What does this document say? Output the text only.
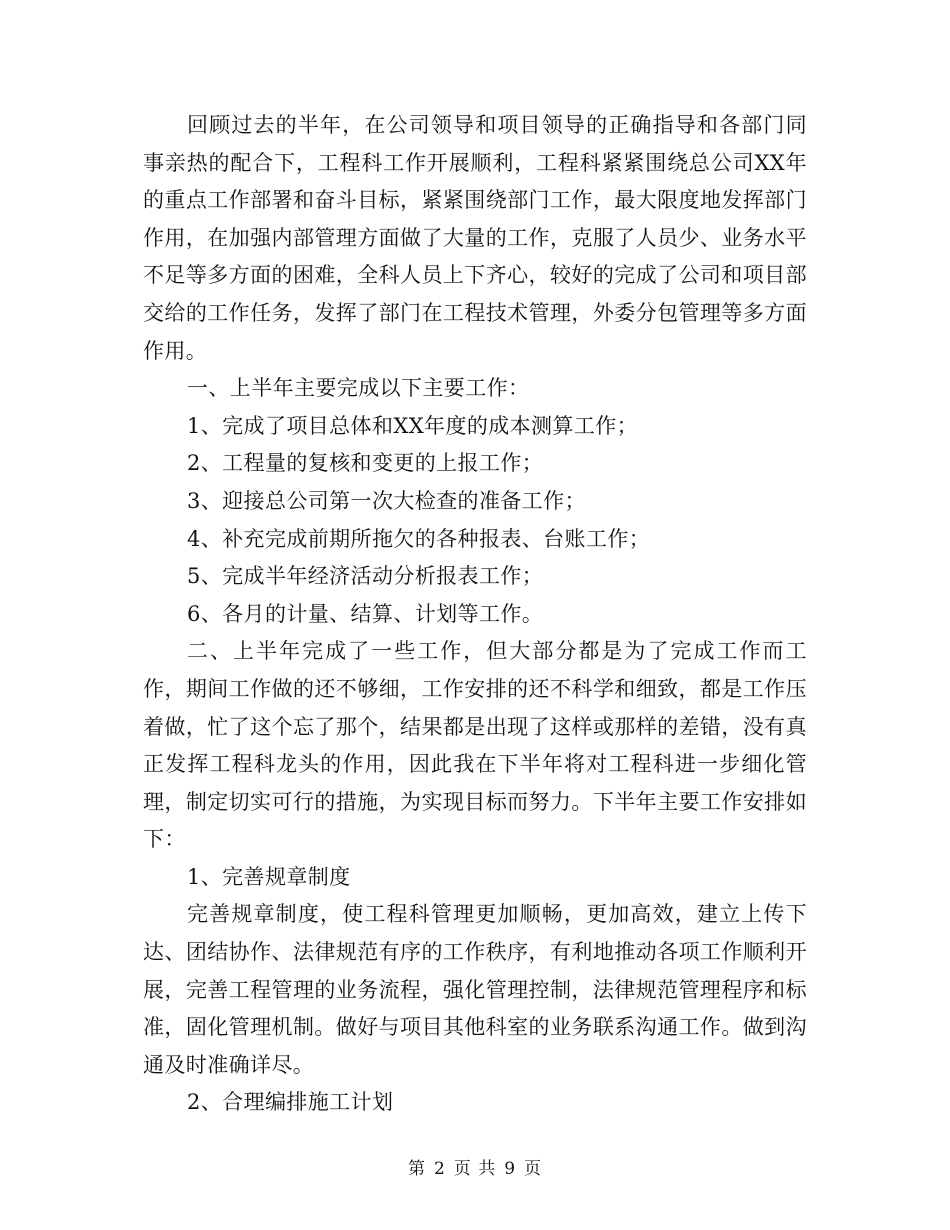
回顾过去的半年，在公司领导和项目领导的正确指导和各部门同事亲热的配合下，工程科工作开展顺利，工程科紧紧围绕总公司XX年的重点工作部署和奋斗目标，紧紧围绕部门工作，最大限度地发挥部门作用，在加强内部管理方面做了大量的工作，克服了人员少、业务水平不足等多方面的困难，全科人员上下齐心，较好的完成了公司和项目部交给的工作任务，发挥了部门在工程技术管理，外委分包管理等多方面作用。

一、上半年主要完成以下主要工作：

1、完成了项目总体和XX年度的成本测算工作；

2、工程量的复核和变更的上报工作；

3、迎接总公司第一次大检查的准备工作；

4、补充完成前期所拖欠的各种报表、台账工作；

5、完成半年经济活动分析报表工作；

6、各月的计量、结算、计划等工作。

二、上半年完成了一些工作，但大部分都是为了完成工作而工作，期间工作做的还不够细，工作安排的还不科学和细致，都是工作压着做，忙了这个忘了那个，结果都是出现了这样或那样的差错，没有真正发挥工程科龙头的作用，因此我在下半年将对工程科进一步细化管理，制定切实可行的措施，为实现目标而努力。下半年主要工作安排如下：

1、完善规章制度

完善规章制度，使工程科管理更加顺畅，更加高效，建立上传下达、团结协作、法律规范有序的工作秩序，有利地推动各项工作顺利开展，完善工程管理的业务流程，强化管理控制，法律规范管理程序和标准，固化管理机制。做好与项目其他科室的业务联系沟通工作。做到沟通及时准确详尽。

2、合理编排施工计划

第 2 页 共 9 页
